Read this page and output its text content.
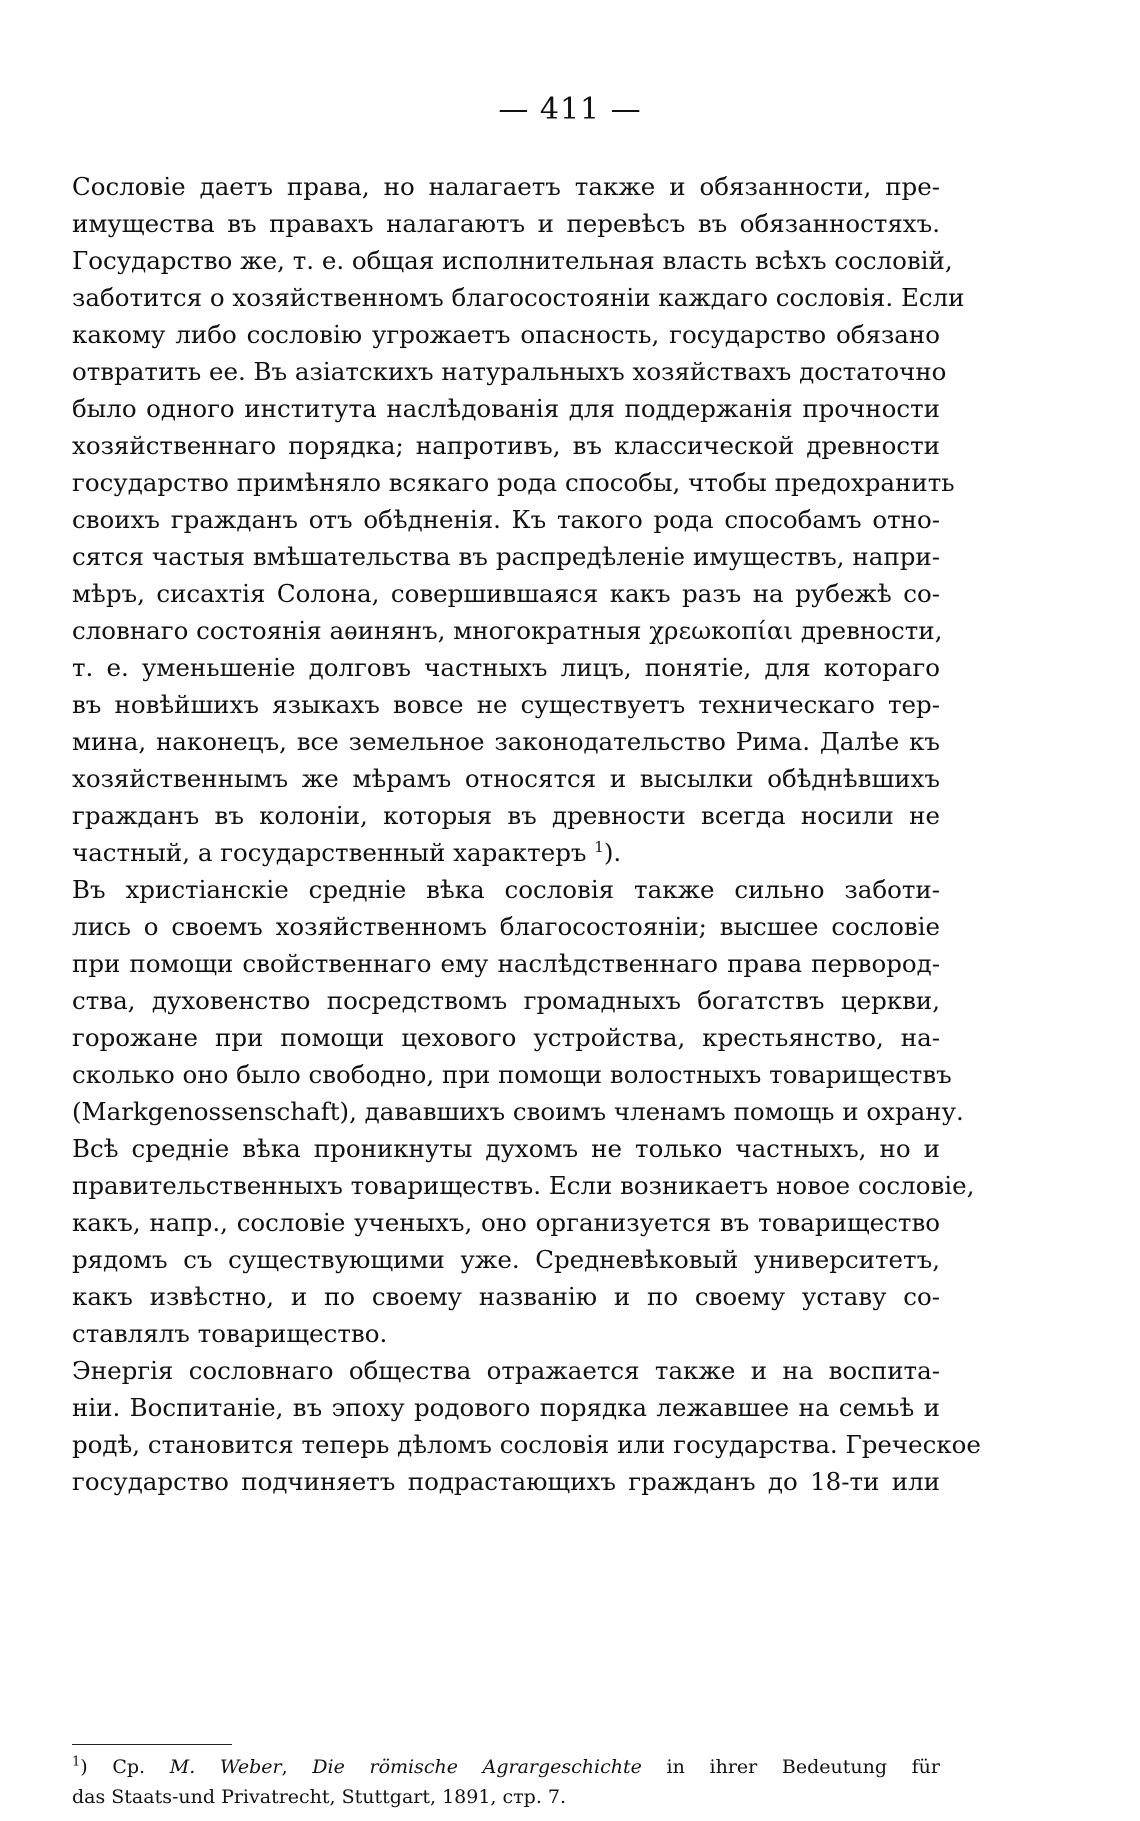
— 411 —
Сословіе даетъ права, но налагаетъ также и обязанности, пре-
имущества въ правахъ налагаютъ и перевѣсъ въ обязанностяхъ.
Государство же, т. е. общая исполнительная власть всѣхъ сословій,
заботится о хозяйственномъ благосостояніи каждаго сословія. Если
какому либо сословію угрожаетъ опасность, государство обязано
отвратить ее. Въ азіатскихъ натуральныхъ хозяйствахъ достаточно
было одного института наслѣдованія для поддержанія прочности
хозяйственнаго порядка; напротивъ, въ классической древности
государство примѣняло всякаго рода способы, чтобы предохранить
своихъ гражданъ отъ обѣдненія. Къ такого рода способамъ отно-
сятся частыя вмѣшательства въ распредѣленіе имуществъ, напри-
мѣръ, сисахтія Солона, совершившаяся какъ разъ на рубежѣ со-
словнаго состоянія аѳинянъ, многократныя χρεωκοπίαι древности,
т. е. уменьшеніе долговъ частныхъ лицъ, понятіе, для котораго
въ новѣйшихъ языкахъ вовсе не существуетъ техническаго тер-
мина, наконецъ, все земельное законодательство Рима. Далѣе къ
хозяйственнымъ же мѣрамъ относятся и высылки обѣднѣвшихъ
гражданъ въ колоніи, которыя въ древности всегда носили не
частный, а государственный характеръ $^1$).
Въ христіанскіе средніе вѣка сословія также сильно заботи-
лись о своемъ хозяйственномъ благосостояніи; высшее сословіе
при помощи свойственнаго ему наслѣдственнаго права первород-
ства, духовенство посредствомъ громадныхъ богатствъ церкви,
горожане при помощи цехового устройства, крестьянство, на-
сколько оно было свободно, при помощи волостныхъ товариществъ
(Markgenossenschaft), дававшихъ своимъ членамъ помощь и охрану.
Всѣ средніе вѣка проникнуты духомъ не только частныхъ, но и
правительственныхъ товариществъ. Если возникаетъ новое сословіе,
какъ, напр., сословіе ученыхъ, оно организуется въ товарищество
рядомъ съ существующими уже. Средневѣковый университетъ,
какъ извѣстно, и по своему названію и по своему уставу со-
ставлялъ товарищество.
Энергія сословнаго общества отражается также и на воспита-
ніи. Воспитаніе, въ эпоху родового порядка лежавшее на семьѣ и
родѣ, становится теперь дѣломъ сословія или государства. Греческое
государство подчиняетъ подрастающихъ гражданъ до 18-ти или
$^1$) Cp. M. Weber, Die römische Agrargeschichte in ihrer Bedeutung für
das Staats-und Privatrecht, Stuttgart, 1891, стр. 7.
